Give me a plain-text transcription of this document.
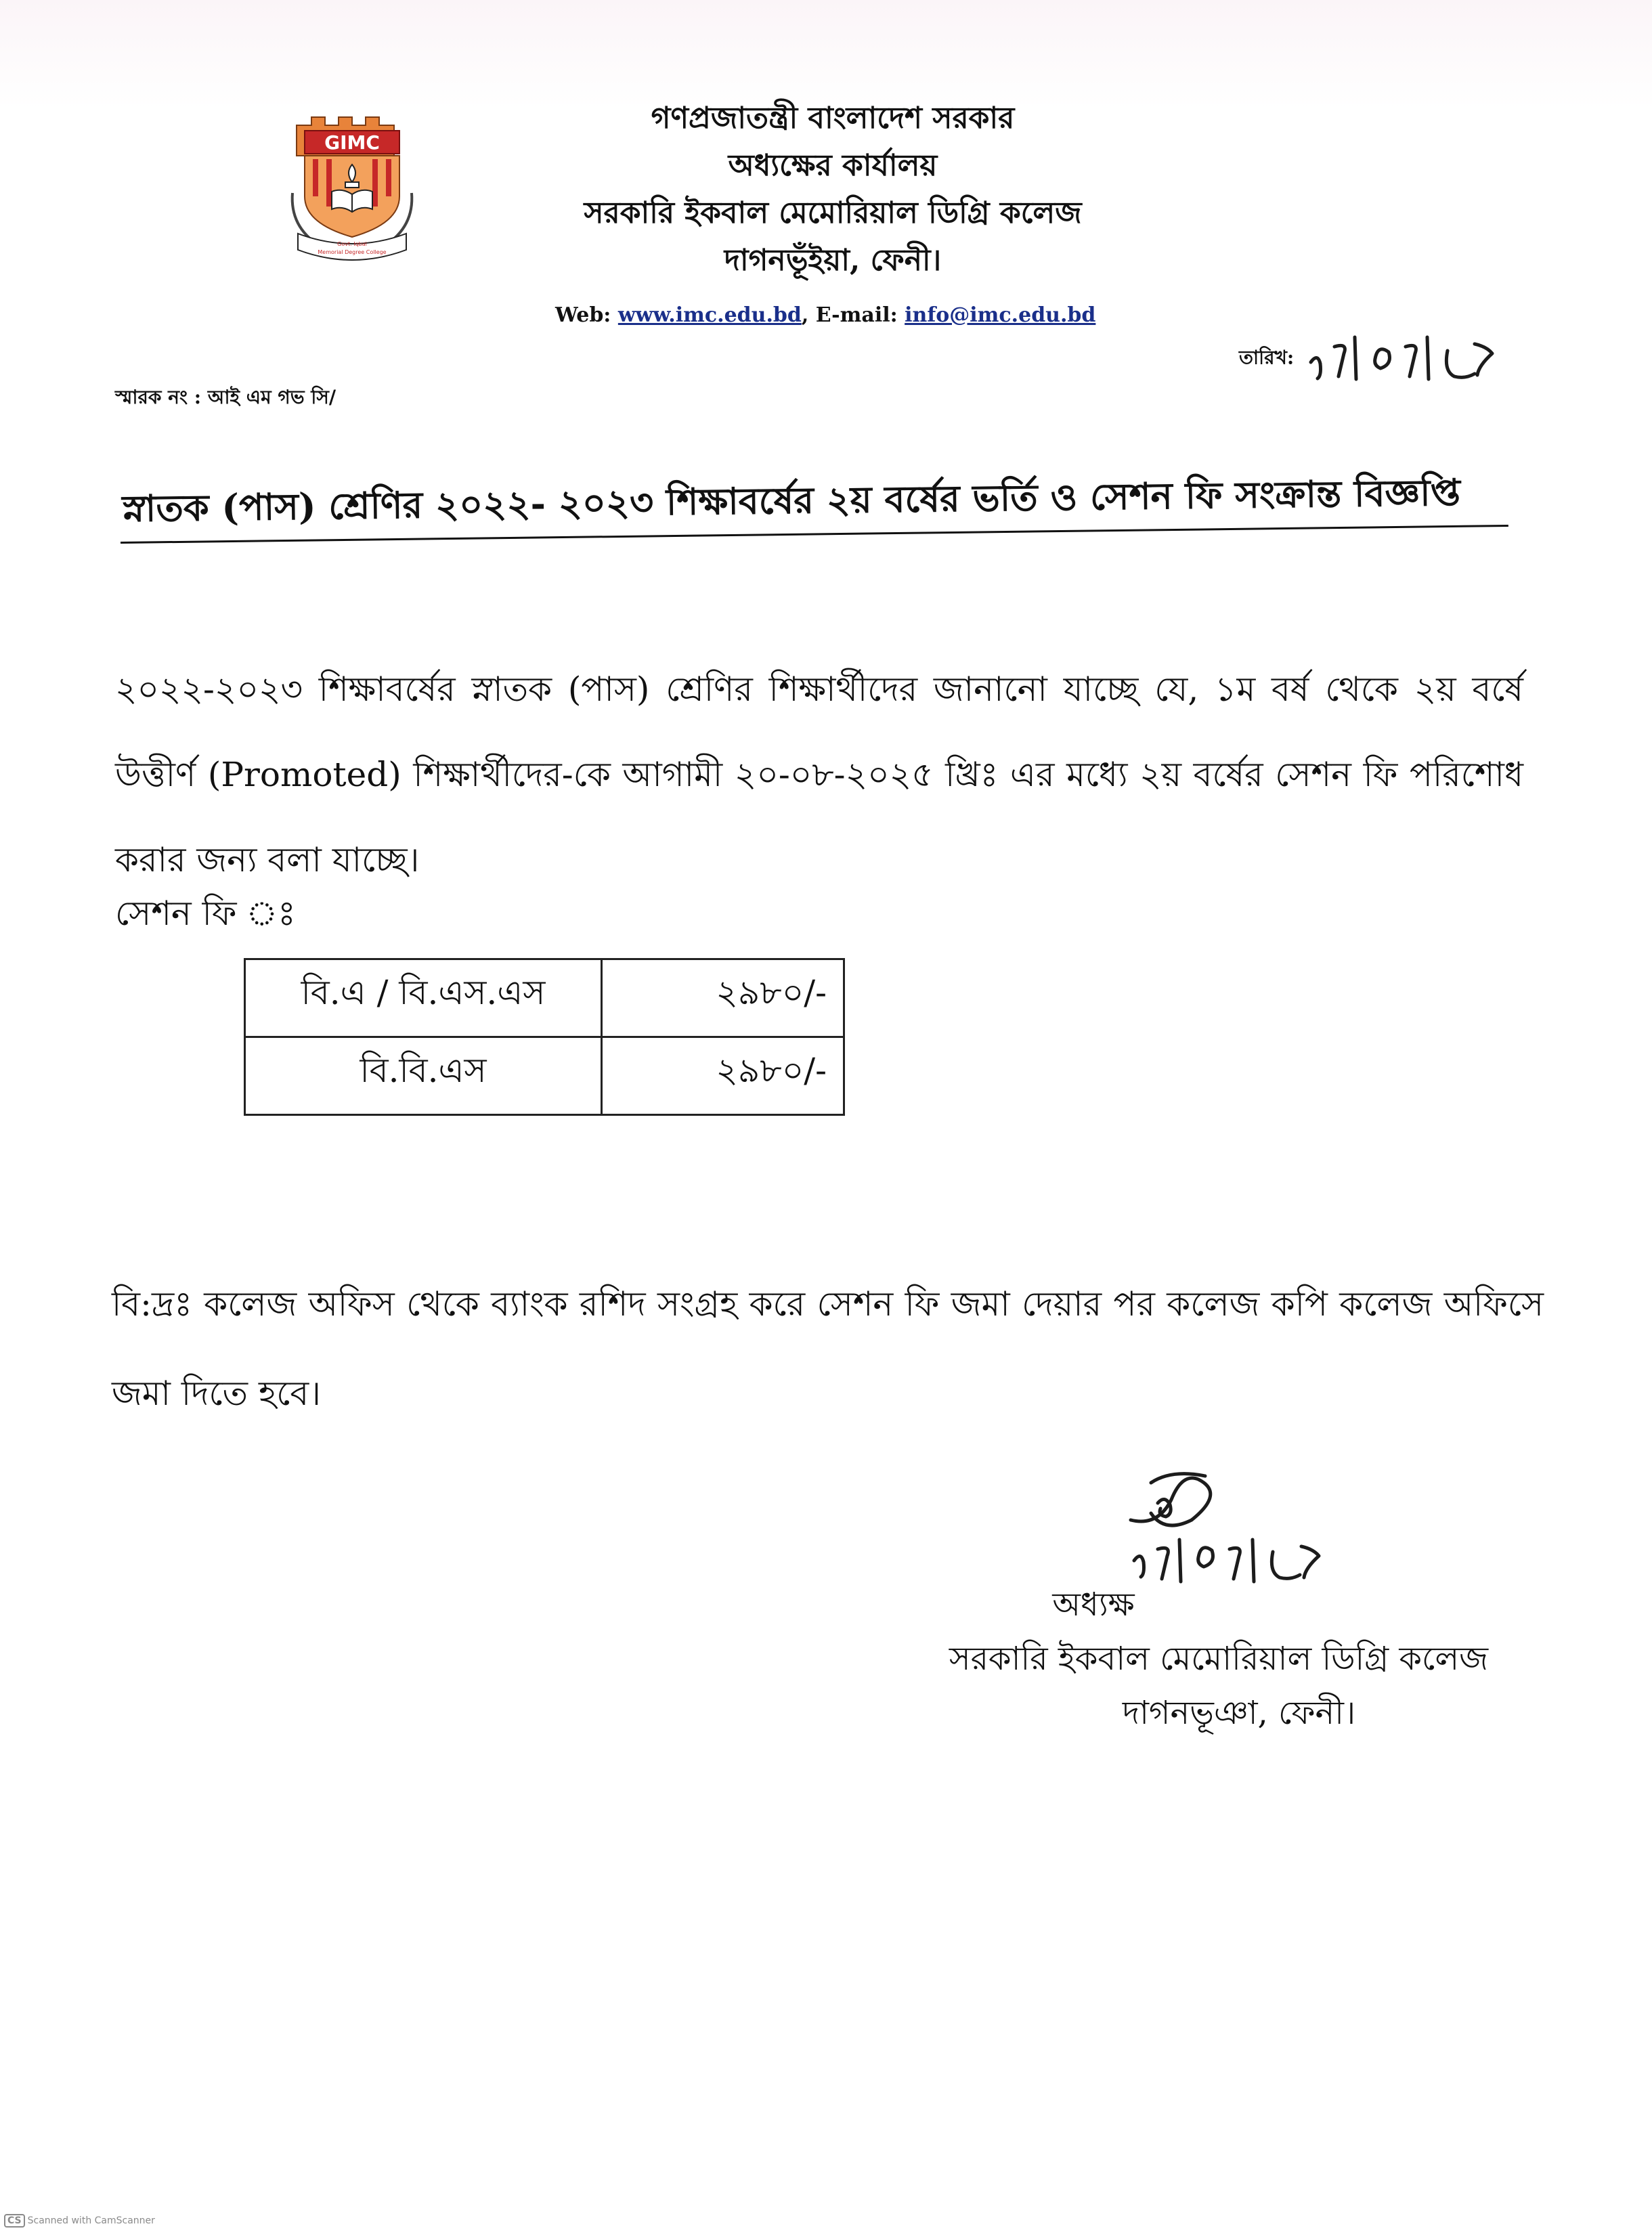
GIMC
Govt. Iqbal
Memorial Degree College
গণপ্রজাতন্ত্রী বাংলাদেশ সরকার
অধ্যক্ষের কার্যালয়
সরকারি ইকবাল মেমোরিয়াল ডিগ্রি কলেজ
দাগনভূঁইয়া, ফেনী।
Web: www.imc.edu.bd, E-mail: info@imc.edu.bd
তারিখ:
স্মারক নং : আই এম গভ সি/
স্নাতক (পাস) শ্রেণির ২০২২- ২০২৩ শিক্ষাবর্ষের ২য় বর্ষের ভর্তি ও সেশন ফি সংক্রান্ত বিজ্ঞপ্তি
২০২২-২০২৩ শিক্ষাবর্ষের স্নাতক (পাস) শ্রেণির শিক্ষার্থীদের জানানো যাচ্ছে যে, ১ম বর্ষ থেকে ২য় বর্ষে উত্তীর্ণ (Promoted) শিক্ষার্থীদের-কে আগামী ২০-০৮-২০২৫ খ্রিঃ এর মধ্যে ২য় বর্ষের সেশন ফি পরিশোধ করার জন্য বলা যাচ্ছে।
সেশন ফি ঃ
বি.এ / বি.এস.এস	২৯৮০/-
বি.বি.এস	২৯৮০/-
বি:দ্রঃ কলেজ অফিস থেকে ব্যাংক রশিদ সংগ্রহ করে সেশন ফি জমা দেয়ার পর কলেজ কপি কলেজ অফিসে জমা দিতে হবে।
অধ্যক্ষ
সরকারি ইকবাল মেমোরিয়াল ডিগ্রি কলেজ
দাগনভূঞা, ফেনী।
CS Scanned with CamScanner
